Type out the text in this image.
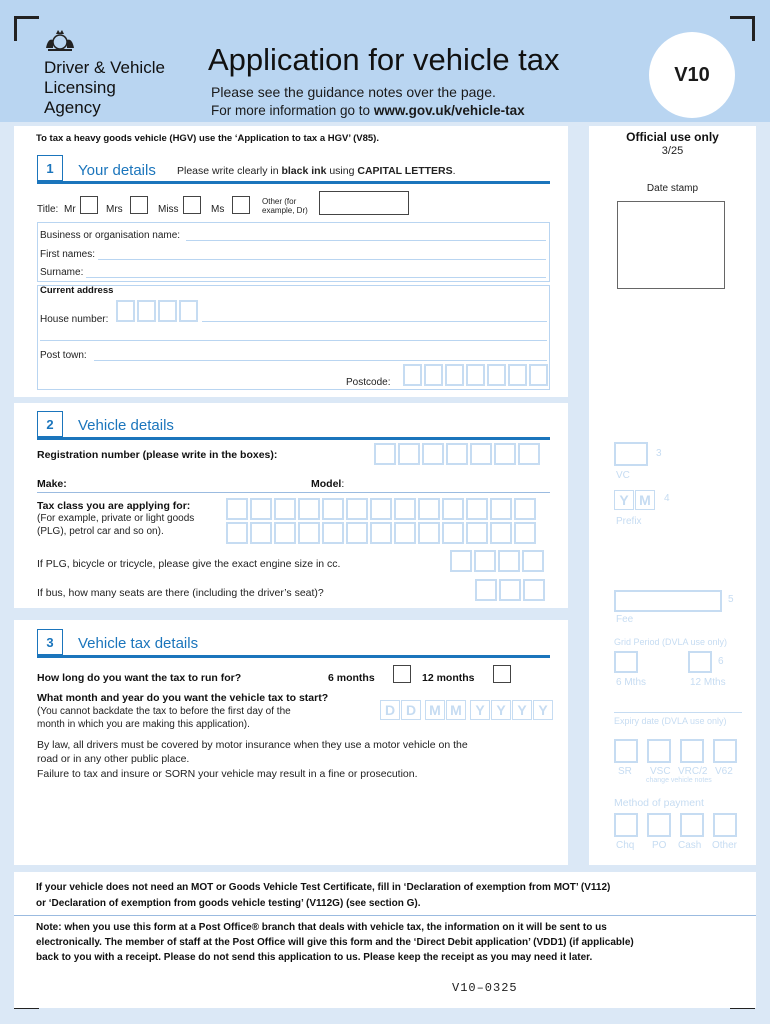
Driver & Vehicle
Licensing
Agency
Application for vehicle tax
Please see the guidance notes over the page.
For more information go to www.gov.uk/vehicle-tax
V10
To tax a heavy goods vehicle (HGV) use the ‘Application to tax a HGV’ (V85).
1	Your details Please write clearly in black ink using CAPITAL LETTERS.
Title: Mr	Mrs	Miss	Ms
Other (for
example, Dr)
Business or organisation name:
First names:
Surname:
Current address
House number:
Post town:
Postcode:
2	Vehicle details
Registration number (please write in the boxes):
Make:	Model:
Tax class you are applying for:
(For example, private or light goods
(PLG), petrol car and so on).
If PLG, bicycle or tricycle, please give the exact engine size in cc.
If bus, how many seats are there (including the driver’s seat)?
3	Vehicle tax details
How long do you want the tax to run for?	6 months	12 months
What month and year do you want the vehicle tax to start?
(You cannot backdate the tax to before the first day of the
month in which you are making this application).
D D M M Y Y Y Y
By law, all drivers must be covered by motor insurance when they use a motor vehicle on the
road or in any other public place.
Failure to tax and insure or SORN your vehicle may result in a fine or prosecution.
Official use only
3/25
Date stamp
3
VC
Y M	4
Prefix
5
Fee
Grid Period (DVLA use only)
6
6 Mths	12 Mths
Expiry date (DVLA use only)
SR VSC VRC/2 V62
change vehicle notes
Method of payment
Chq PO Cash Other
If your vehicle does not need an MOT or Goods Vehicle Test Certificate, fill in ‘Declaration of exemption from MOT’ (V112)
or ‘Declaration of exemption from goods vehicle testing’ (V112G) (see section G).
Note: when you use this form at a Post Office® branch that deals with vehicle tax, the information on it will be sent to us
electronically. The member of staff at the Post Office will give this form and the ‘Direct Debit application’ (VDD1) (if applicable)
back to you with a receipt. Please do not send this application to us. Please keep the receipt as you may need it later.
V10–0325
